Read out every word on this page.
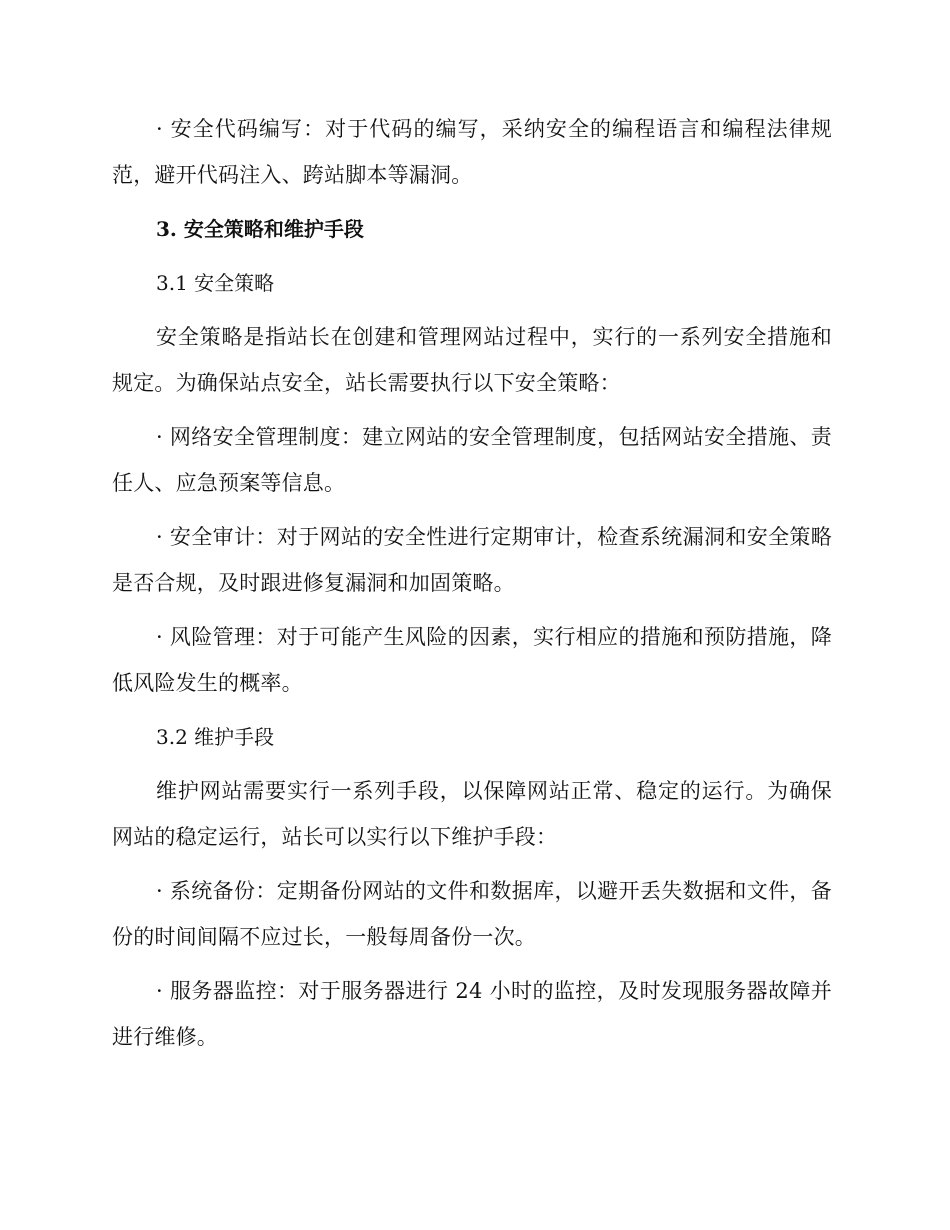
· 安全代码编写：对于代码的编写，采纳安全的编程语言和编程法律规范，避开代码注入、跨站脚本等漏洞。

3. 安全策略和维护手段

3.1 安全策略

安全策略是指站长在创建和管理网站过程中，实行的一系列安全措施和规定。为确保站点安全，站长需要执行以下安全策略：

· 网络安全管理制度：建立网站的安全管理制度，包括网站安全措施、责任人、应急预案等信息。

· 安全审计：对于网站的安全性进行定期审计，检查系统漏洞和安全策略是否合规，及时跟进修复漏洞和加固策略。

· 风险管理：对于可能产生风险的因素，实行相应的措施和预防措施，降低风险发生的概率。

3.2 维护手段

维护网站需要实行一系列手段，以保障网站正常、稳定的运行。为确保网站的稳定运行，站长可以实行以下维护手段：

· 系统备份：定期备份网站的文件和数据库，以避开丢失数据和文件，备份的时间间隔不应过长，一般每周备份一次。

· 服务器监控：对于服务器进行 24 小时的监控，及时发现服务器故障并进行维修。
